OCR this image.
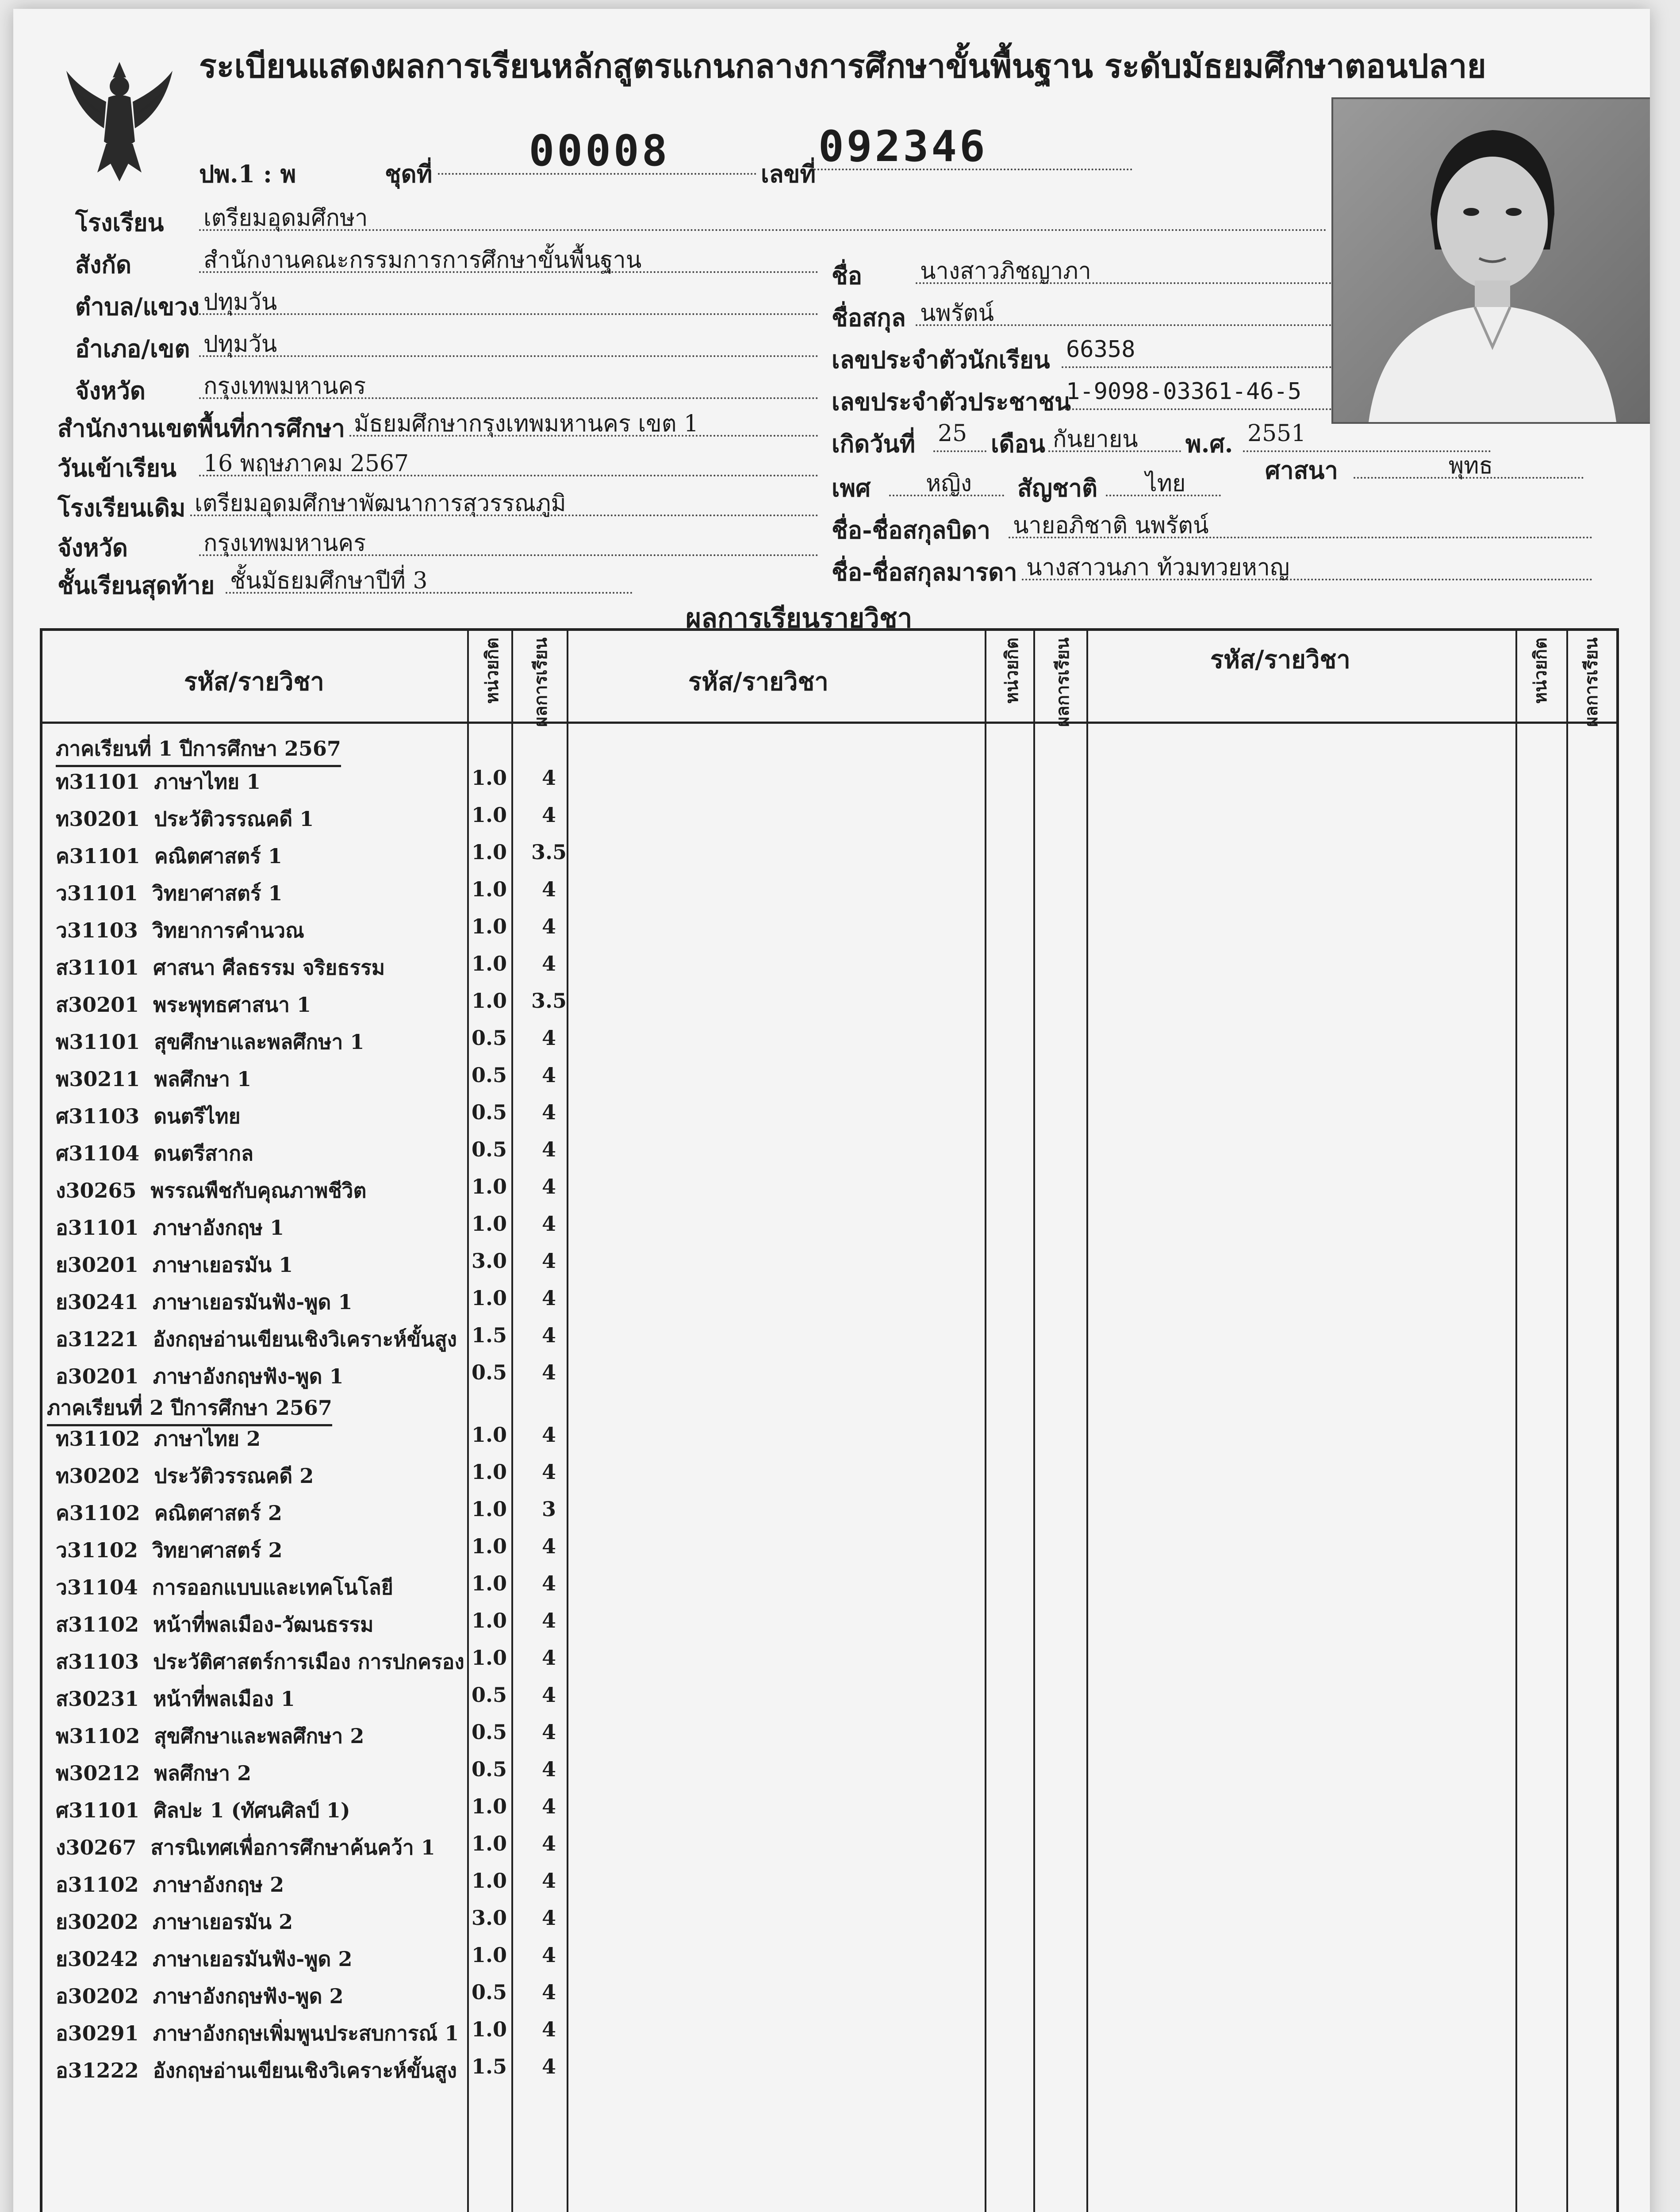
ระเบียนแสดงผลการเรียนหลักสูตรแกนกลางการศึกษาขั้นพื้นฐาน ระดับมัธยมศึกษาตอนปลาย
ปพ.1 : พ	ชุดที่	00008	เลขที่
092346
โรงเรียน เตรียมอุดมศึกษา
สังกัด	สำนักงานคณะกรรมการการศึกษาขั้นพื้นฐาน
ตำบล/แขวง ปทุมวัน
อำเภอ/เขต ปทุมวัน
จังหวัด	กรุงเทพมหานคร
สำนักงานเขตพื้นที่การศึกษา มัธยมศึกษากรุงเทพมหานคร เขต 1
วันเข้าเรียน 16 พฤษภาคม 2567
โรงเรียนเดิม เตรียมอุดมศึกษาพัฒนาการสุวรรณภูมิ
จังหวัด	กรุงเทพมหานคร
ชั้นเรียนสุดท้าย ชั้นมัธยมศึกษาปีที่ 3
ชื่อ	นางสาวภิชญาภา
ชื่อสกุล นพรัตน์
เลขประจำตัวนักเรียน 66358
เลขประจำตัวประชาชน
1-9098-03361-46-5
เกิดวันที่ 25 เดือน กันยายน	พ.ศ. 2551
เพศ	หญิง	สัญชาติ	ไทย	ศาสนา	พุทธ
ชื่อ-ชื่อสกุลบิดา นายอภิชาติ นพรัตน์
ชื่อ-ชื่อสกุลมารดา นางสาวนภา ท้วมทวยหาญ
ผลการเรียนรายวิชา
รหัส/รายวิชา	หน่วยกิต ผลการเรียน	รหัส/รายวิชา	หน่วยกิต ผลการเรียน	รหัส/รายวิชา	หน่วยกิต ผลการเรียน
ภาคเรียนที่ 1 ปีการศึกษา 2567
ท31101 ภาษาไทย 1	1.0	4
ท30201 ประวัติวรรณคดี 1	1.0	4
ค31101 คณิตศาสตร์ 1	1.0 3.5
ว31101 วิทยาศาสตร์ 1	1.0	4
ว31103 วิทยาการคำนวณ	1.0	4
ส31101 ศาสนา ศีลธรรม จริยธรรม	1.0	4
ส30201 พระพุทธศาสนา 1	1.0 3.5
พ31101 สุขศึกษาและพลศึกษา 1	0.5	4
พ30211 พลศึกษา 1	0.5	4
ศ31103 ดนตรีไทย	0.5	4
ศ31104 ดนตรีสากล	0.5	4
ง30265 พรรณพืชกับคุณภาพชีวิต	1.0	4
อ31101 ภาษาอังกฤษ 1	1.0	4
ย30201 ภาษาเยอรมัน 1	3.0	4
ย30241 ภาษาเยอรมันฟัง-พูด 1	1.0	4
อ31221 อังกฤษอ่านเขียนเชิงวิเคราะห์ขั้นสูง 1.5	4
อ30201 ภาษาอังกฤษฟัง-พูด 1	0.5	4
ภาคเรียนที่ 2 ปีการศึกษา 2567
ท31102 ภาษาไทย 2	1.0	4
ท30202 ประวัติวรรณคดี 2	1.0	4
ค31102 คณิตศาสตร์ 2	1.0	3
ว31102 วิทยาศาสตร์ 2	1.0	4
ว31104 การออกแบบและเทคโนโลยี	1.0	4
ส31102 หน้าที่พลเมือง-วัฒนธรรม	1.0	4
ส31103 ประวัติศาสตร์การเมือง การปกครอง 1.0	4
ส30231 หน้าที่พลเมือง 1	0.5	4
พ31102 สุขศึกษาและพลศึกษา 2	0.5	4
พ30212 พลศึกษา 2	0.5	4
ศ31101 ศิลปะ 1 (ทัศนศิลป์ 1)	1.0	4
ง30267 สารนิเทศเพื่อการศึกษาค้นคว้า 1 1.0	4
อ31102 ภาษาอังกฤษ 2	1.0	4
ย30202 ภาษาเยอรมัน 2	3.0	4
ย30242 ภาษาเยอรมันฟัง-พูด 2	1.0	4
อ30202 ภาษาอังกฤษฟัง-พูด 2	0.5	4
อ30291 ภาษาอังกฤษเพิ่มพูนประสบการณ์ 1 1.0	4
อ31222 อังกฤษอ่านเขียนเชิงวิเคราะห์ขั้นสูง 1.5	4
